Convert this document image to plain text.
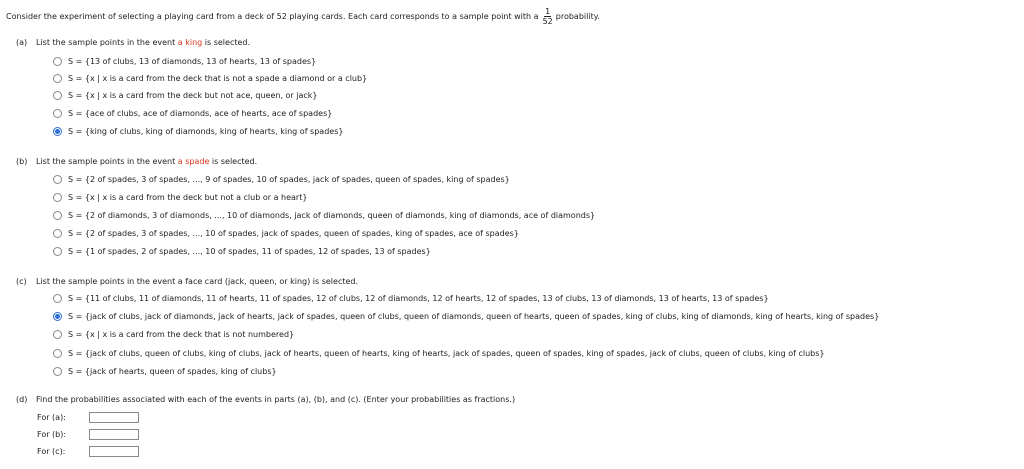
Consider the experiment of selecting a playing card from a deck of 52 playing cards. Each card corresponds to a sample point with a $\frac{1}{52}$ probability.
(a) List the sample points in the event a king is selected.
S = {13 of clubs, 13 of diamonds, 13 of hearts, 13 of spades}
S = {x | x is a card from the deck that is not a spade a diamond or a club}
S = {x | x is a card from the deck but not ace, queen, or jack}
S = {ace of clubs, ace of diamonds, ace of hearts, ace of spades}
S = {king of clubs, king of diamonds, king of hearts, king of spades}
(b) List the sample points in the event a spade is selected.
S = {2 of spades, 3 of spades, ..., 9 of spades, 10 of spades, jack of spades, queen of spades, king of spades}
S = {x | x is a card from the deck but not a club or a heart}
S = {2 of diamonds, 3 of diamonds, ..., 10 of diamonds, jack of diamonds, queen of diamonds, king of diamonds, ace of diamonds}
S = {2 of spades, 3 of spades, ..., 10 of spades, jack of spades, queen of spades, king of spades, ace of spades}
S = {1 of spades, 2 of spades, ..., 10 of spades, 11 of spades, 12 of spades, 13 of spades}
(c) List the sample points in the event a face card (jack, queen, or king) is selected.
S = {11 of clubs, 11 of diamonds, 11 of hearts, 11 of spades, 12 of clubs, 12 of diamonds, 12 of hearts, 12 of spades, 13 of clubs, 13 of diamonds, 13 of hearts, 13 of spades}
S = {jack of clubs, jack of diamonds, jack of hearts, jack of spades, queen of clubs, queen of diamonds, queen of hearts, queen of spades, king of clubs, king of diamonds, king of hearts, king of spades}
S = {x | x is a card from the deck that is not numbered}
S = {jack of clubs, queen of clubs, king of clubs, jack of hearts, queen of hearts, king of hearts, jack of spades, queen of spades, king of spades, jack of clubs, queen of clubs, king of clubs}
S = {jack of hearts, queen of spades, king of clubs}
(d) Find the probabilities associated with each of the events in parts (a), (b), and (c). (Enter your probabilities as fractions.)
For (a):
For (b):
For (c):
